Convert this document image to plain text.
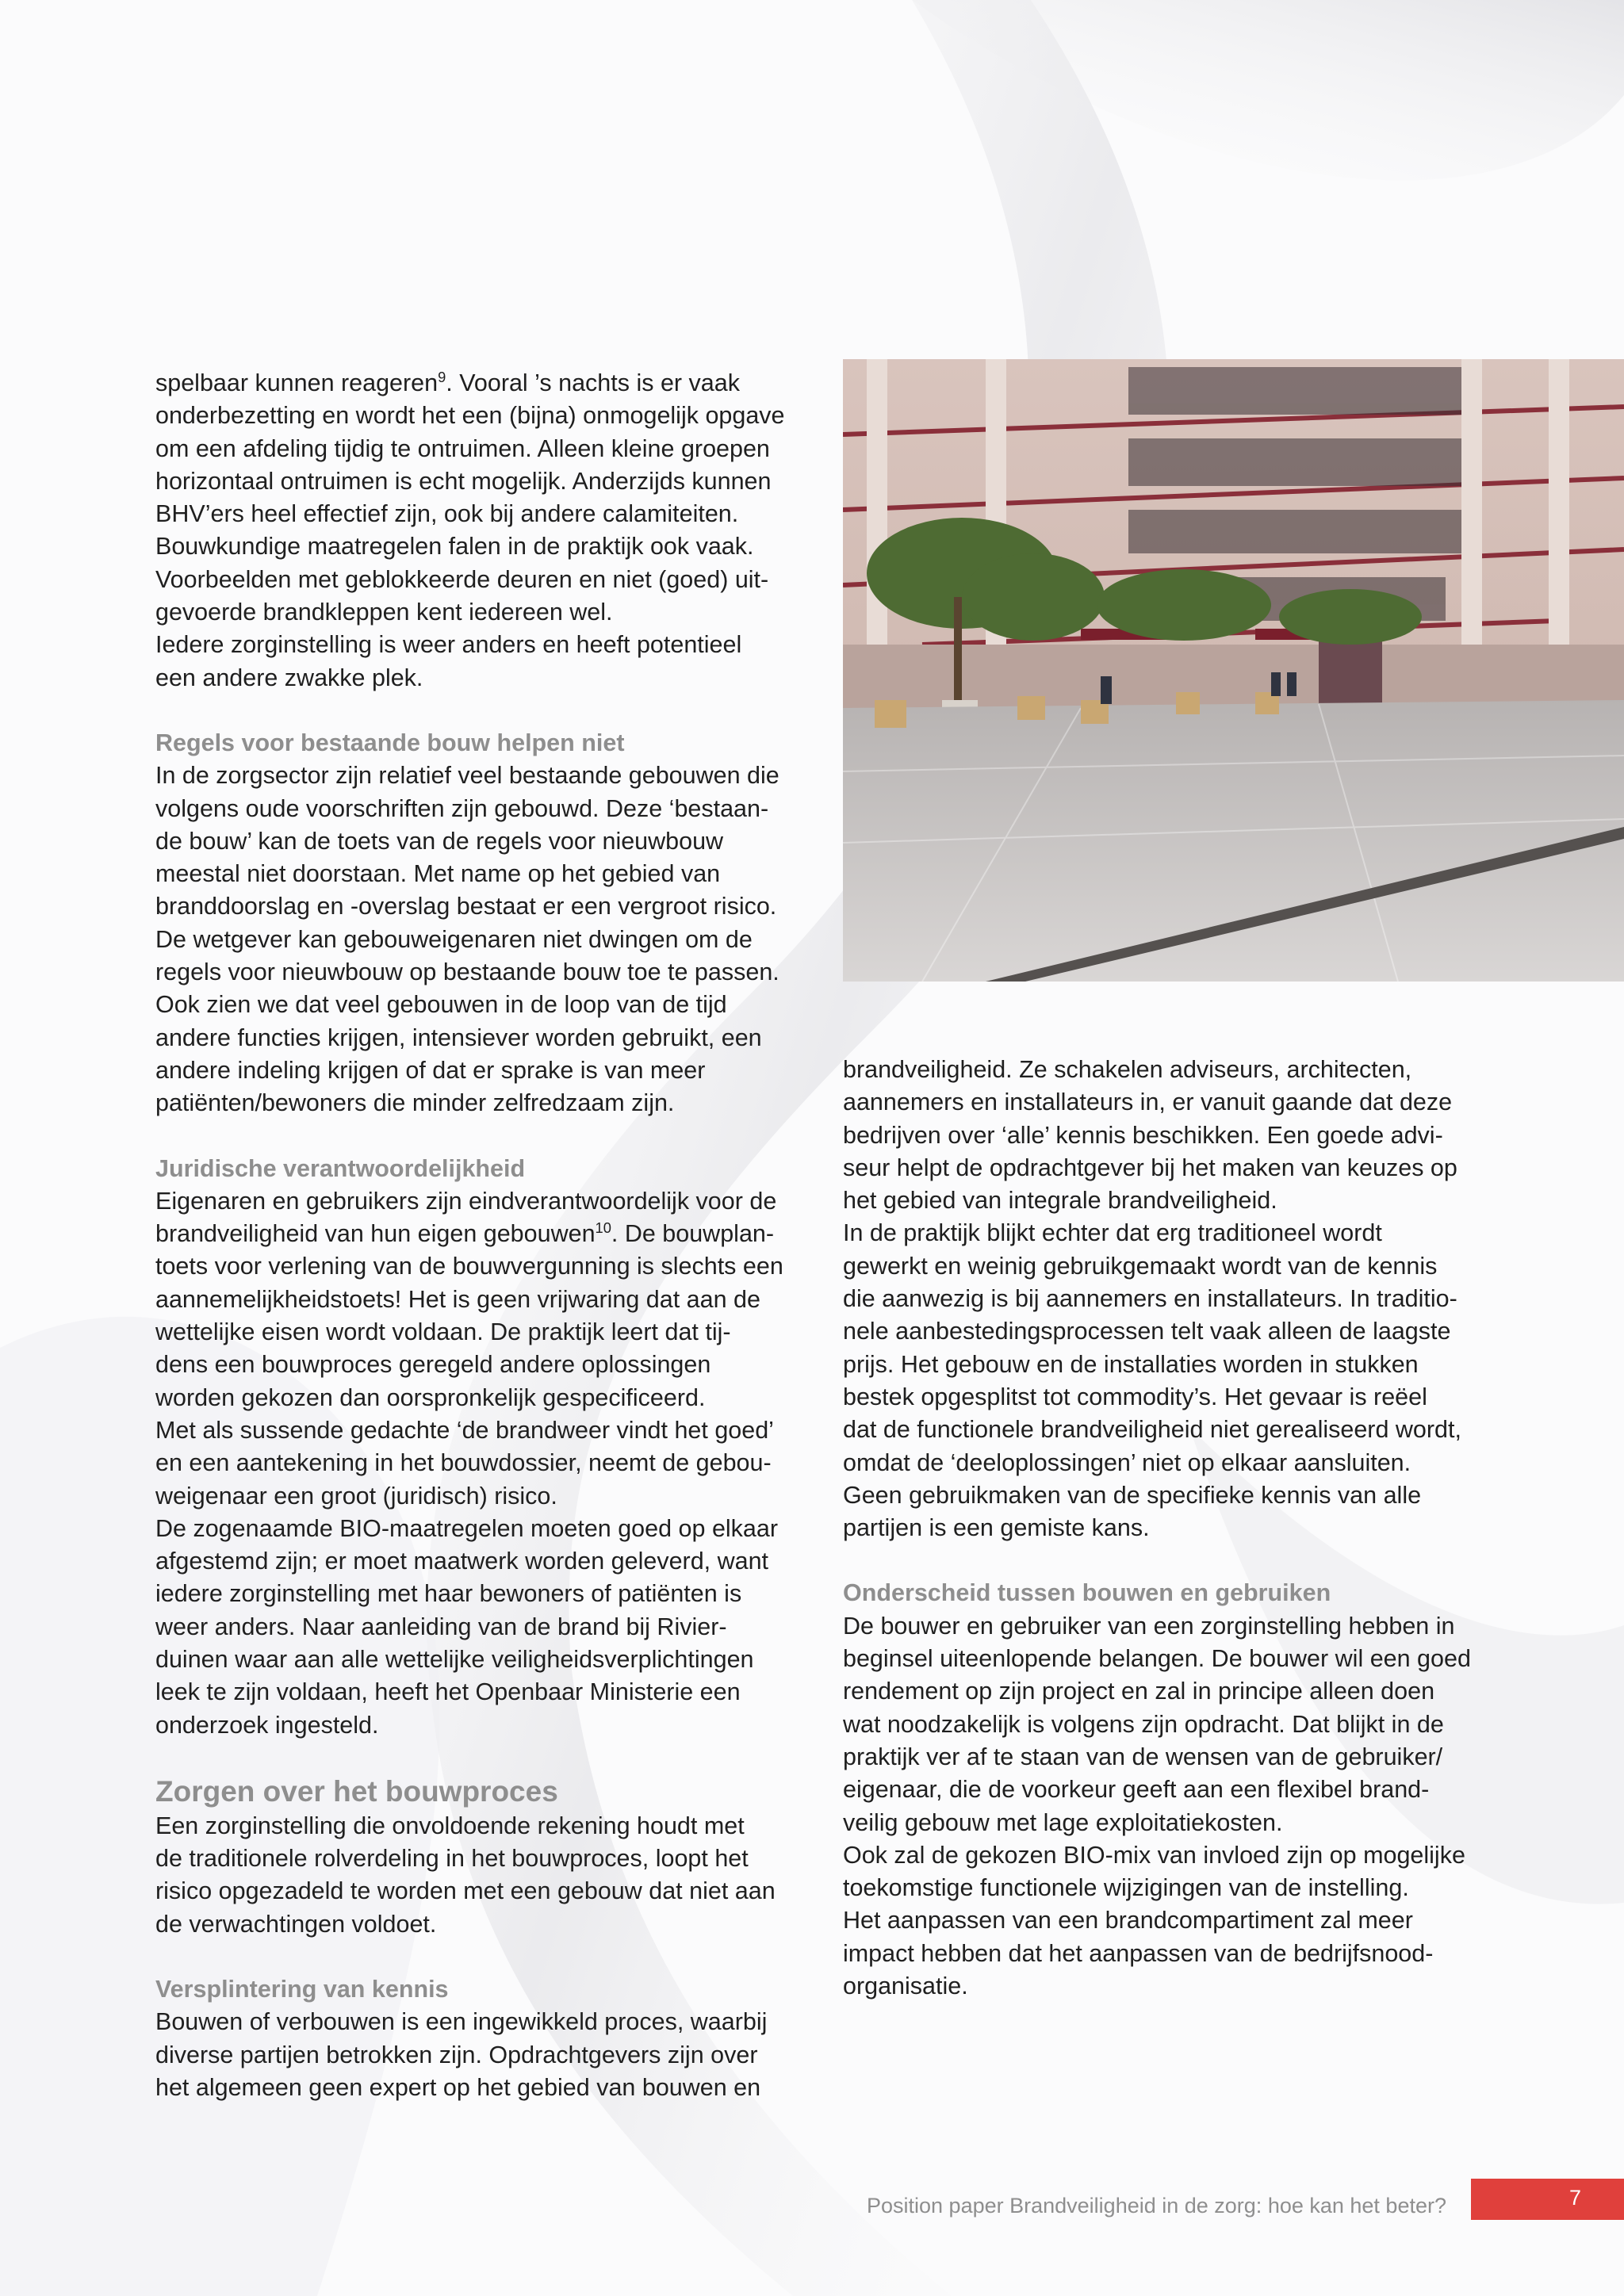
spelbaar kunnen reageren$^9$. Vooral ’s nachts is er vaak
onderbezetting en wordt het een (bijna) onmogelijk opgave
om een afdeling tijdig te ontruimen. Alleen kleine groepen
horizontaal ontruimen is echt mogelijk. Anderzijds kunnen
BHV’ers heel effectief zijn, ook bij andere calamiteiten.
Bouwkundige maatregelen falen in de praktijk ook vaak.
Voorbeelden met geblokkeerde deuren en niet (goed) uit-
gevoerde brandkleppen kent iedereen wel.
Iedere zorginstelling is weer anders en heeft potentieel
een andere zwakke plek.

Regels voor bestaande bouw helpen niet

In de zorgsector zijn relatief veel bestaande gebouwen die
volgens oude voorschriften zijn gebouwd. Deze ‘bestaan-
de bouw’ kan de toets van de regels voor nieuwbouw
meestal niet doorstaan. Met name op het gebied van
branddoorslag en -overslag bestaat er een vergroot risico.
De wetgever kan gebouweigenaren niet dwingen om de
regels voor nieuwbouw op bestaande bouw toe te passen.
Ook zien we dat veel gebouwen in de loop van de tijd
andere functies krijgen, intensiever worden gebruikt, een
andere indeling krijgen of dat er sprake is van meer
patiënten/bewoners die minder zelfredzaam zijn.

Juridische verantwoordelijkheid

Eigenaren en gebruikers zijn eindverantwoordelijk voor de
brandveiligheid van hun eigen gebouwen$^{10}$. De bouwplan-
toets voor verlening van de bouwvergunning is slechts een
aannemelijkheidstoets! Het is geen vrijwaring dat aan de
wettelijke eisen wordt voldaan. De praktijk leert dat tij-
dens een bouwproces geregeld andere oplossingen
worden gekozen dan oorspronkelijk gespecificeerd.
Met als sussende gedachte ‘de brandweer vindt het goed’
en een aantekening in het bouwdossier, neemt de gebou-
weigenaar een groot (juridisch) risico.
De zogenaamde BIO-maatregelen moeten goed op elkaar
afgestemd zijn; er moet maatwerk worden geleverd, want
iedere zorginstelling met haar bewoners of patiënten is
weer anders. Naar aanleiding van de brand bij Rivier-
duinen waar aan alle wettelijke veiligheidsverplichtingen
leek te zijn voldaan, heeft het Openbaar Ministerie een
onderzoek ingesteld.

Zorgen over het bouwproces

Een zorginstelling die onvoldoende rekening houdt met
de traditionele rolverdeling in het bouwproces, loopt het
risico opgezadeld te worden met een gebouw dat niet aan
de verwachtingen voldoet.

Versplintering van kennis

Bouwen of verbouwen is een ingewikkeld proces, waarbij
diverse partijen betrokken zijn. Opdrachtgevers zijn over
het algemeen geen expert op het gebied van bouwen en

brandveiligheid. Ze schakelen adviseurs, architecten,
aannemers en installateurs in, er vanuit gaande dat deze
bedrijven over ‘alle’ kennis beschikken. Een goede advi-
seur helpt de opdrachtgever bij het maken van keuzes op
het gebied van integrale brandveiligheid.
In de praktijk blijkt echter dat erg traditioneel wordt
gewerkt en weinig gebruikgemaakt wordt van de kennis
die aanwezig is bij aannemers en installateurs. In traditio-
nele aanbestedingsprocessen telt vaak alleen de laagste
prijs. Het gebouw en de installaties worden in stukken
bestek opgesplitst tot commodity’s. Het gevaar is reëel
dat de functionele brandveiligheid niet gerealiseerd wordt,
omdat de ‘deeloplossingen’ niet op elkaar aansluiten.
Geen gebruikmaken van de specifieke kennis van alle
partijen is een gemiste kans.

Onderscheid tussen bouwen en gebruiken

De bouwer en gebruiker van een zorginstelling hebben in
beginsel uiteenlopende belangen. De bouwer wil een goed
rendement op zijn project en zal in principe alleen doen
wat noodzakelijk is volgens zijn opdracht. Dat blijkt in de
praktijk ver af te staan van de wensen van de gebruiker/
eigenaar, die de voorkeur geeft aan een flexibel brand-
veilig gebouw met lage exploitatiekosten.
Ook zal de gekozen BIO-mix van invloed zijn op mogelijke
toekomstige functionele wijzigingen van de instelling.
Het aanpassen van een brandcompartiment zal meer
impact hebben dat het aanpassen van de bedrijfsnood-
organisatie.

Position paper Brandveiligheid in de zorg: hoe kan het beter?	7
